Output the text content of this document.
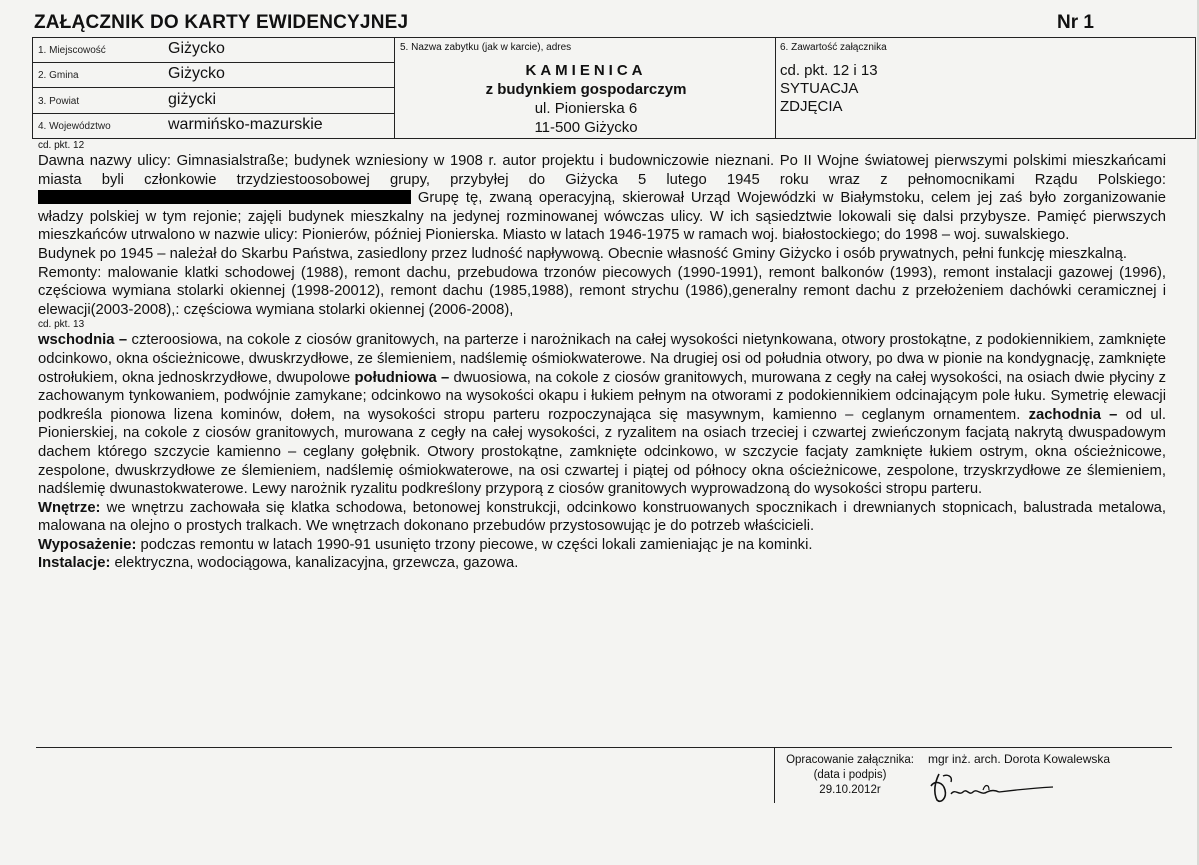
ZAŁĄCZNIK DO KARTY EWIDENCYJNEJ	Nr 1
1. Miejscowość	Giżycko
2. Gmina	Giżycko
3. Powiat	giżycki
4. Województwo	warmińsko-mazurskie
5. Nazwa zabytku (jak w karcie), adres
KAMIENICA
z budynkiem gospodarczym
ul. Pionierska 6
11-500 Giżycko
6. Zawartość załącznika
cd. pkt. 12 i 13
SYTUACJA
ZDJĘCIA
cd. pkt. 12

Dawna nazwy ulicy: Gimnasialstraße; budynek wzniesiony w 1908 r. autor projektu i budowniczowie nieznani. Po II Wojne światowej pierwszymi polskimi mieszkańcami miasta byli członkowie trzydziestoosobowej grupy, przybyłej do Giżycka 5 lutego 1945 roku wraz z pełnomocnikami Rządu Polskiego:  Grupę tę, zwaną operacyjną, skierował Urząd Wojewódzki w Białymstoku, celem jej zaś było zorganizowanie władzy polskiej w tym rejonie; zajęli budynek mieszkalny na jedynej rozminowanej wówczas ulicy. W ich sąsiedztwie lokowali się dalsi przybysze. Pamięć pierwszych mieszkańców utrwalono w nazwie ulicy: Pionierów, później Pionierska. Miasto w latach 1946-1975 w ramach woj. białostockiego; do 1998 – woj. suwalskiego.

Budynek po 1945 – należał do Skarbu Państwa, zasiedlony przez ludność napływową. Obecnie własność Gminy Giżycko i osób prywatnych, pełni funkcję mieszkalną.

Remonty: malowanie klatki schodowej (1988), remont dachu, przebudowa trzonów piecowych (1990-1991), remont balkonów (1993), remont instalacji gazowej (1996), częściowa wymiana stolarki okiennej (1998-20012), remont dachu (1985,1988), remont strychu (1986),generalny remont dachu z przełożeniem dachówki ceramicznej i elewacji(2003-2008),: częściowa wymiana stolarki okiennej (2006-2008),

cd. pkt. 13

wschodnia – czteroosiowa, na cokole z ciosów granitowych, na parterze i narożnikach na całej wysokości nietynkowana, otwory prostokątne, z podokiennikiem, zamknięte odcinkowo, okna ościeżnicowe, dwuskrzydłowe, ze ślemieniem, nadślemię ośmiokwaterowe. Na drugiej osi od południa otwory, po dwa w pionie na kondygnację, zamknięte ostrołukiem, okna jednoskrzydłowe, dwupolowe południowa – dwuosiowa, na cokole z ciosów granitowych, murowana z cegły na całej wysokości, na osiach dwie płyciny z zachowanym tynkowaniem, podwójnie zamykane; odcinkowo na wysokości okapu i łukiem pełnym na otworami z podokiennikiem odcinającym pole łuku. Symetrię elewacji podkreśla pionowa lizena kominów, dołem, na wysokości stropu parteru rozpoczynająca się masywnym, kamienno – ceglanym ornamentem. zachodnia – od ul. Pionierskiej, na cokole z ciosów granitowych, murowana z cegły na całej wysokości, z ryzalitem na osiach trzeciej i czwartej zwieńczonym facjatą nakrytą dwuspadowym dachem którego szczycie kamienno – ceglany gołębnik. Otwory prostokątne, zamknięte odcinkowo, w szczycie facjaty zamknięte łukiem ostrym, okna ościeżnicowe, zespolone, dwuskrzydłowe ze ślemieniem, nadślemię ośmiokwaterowe, na osi czwartej i piątej od północy okna ościeżnicowe, zespolone, trzyskrzydłowe ze ślemieniem, nadślemię dwunastokwaterowe. Lewy narożnik ryzalitu podkreślony przyporą z ciosów granitowych wyprowadzoną do wysokości stropu parteru.

Wnętrze: we wnętrzu zachowała się klatka schodowa, betonowej konstrukcji, odcinkowo konstruowanych spocznikach i drewnianych stopnicach, balustrada metalowa, malowana na olejno o prostych tralkach. We wnętrzach dokonano przebudów przystosowując je do potrzeb właścicieli.

Wyposażenie: podczas remontu w latach 1990-91 usunięto trzony piecowe, w części lokali zamieniając je na kominki.

Instalacje: elektryczna, wodociągowa, kanalizacyjna, grzewcza, gazowa.

Opracowanie załącznika:
(data i podpis)
29.10.2012r
mgr inż. arch. Dorota Kowalewska
